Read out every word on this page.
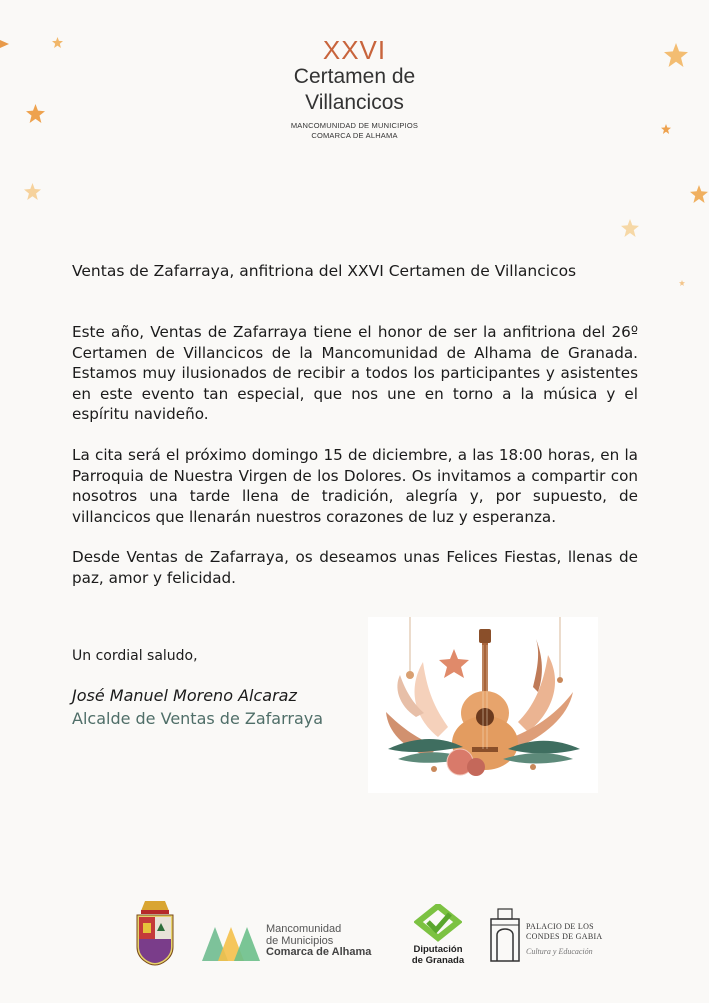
XXVI
Certamen de
Villancicos
MANCOMUNIDAD DE MUNICIPIOS
COMARCA DE ALHAMA
Ventas de Zafarraya, anfitriona del XXVI Certamen de Villancicos

Este año, Ventas de Zafarraya tiene el honor de ser la anfitriona del 26º Certamen de Villancicos de la Mancomunidad de Alhama de Granada. Estamos muy ilusionados de recibir a todos los participantes y asistentes en este evento tan especial, que nos une en torno a la música y el espíritu navideño.

La cita será el próximo domingo 15 de diciembre, a las 18:00 horas, en la Parroquia de Nuestra Virgen de los Dolores. Os invitamos a compartir con nosotros una tarde llena de tradición, alegría y, por supuesto, de villancicos que llenarán nuestros corazones de luz y esperanza.

Desde Ventas de Zafarraya, os deseamos unas Felices Fiestas, llenas de paz, amor y felicidad.

Un cordial saludo,
José Manuel Moreno Alcaraz
Alcalde de Ventas de Zafarraya
Mancomunidad
de Municipios
Comarca de Alhama	Diputación
de Granada
PALACIO DE LOS
CONDES DE GABIA
Cultura y Educación
